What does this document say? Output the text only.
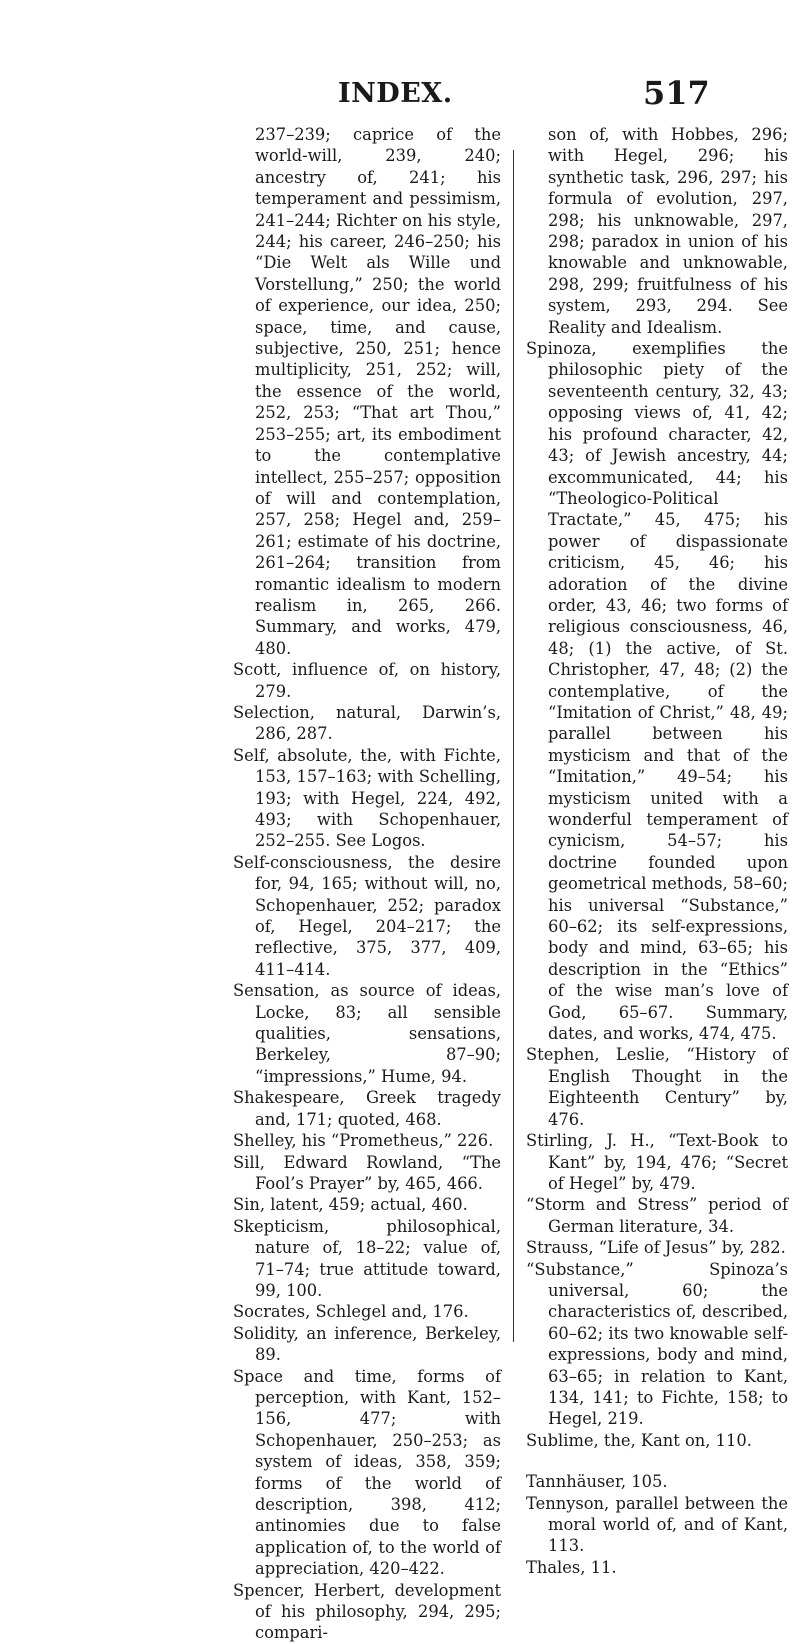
INDEX.	517

237–239; caprice of the world-will, 239, 240; ancestry of, 241; his temperament and pessimism, 241–244; Richter on his style, 244; his career, 246–250; his “Die Welt als Wille und Vorstellung,” 250; the world of experience, our idea, 250; space, time, and cause, subjective, 250, 251; hence multiplicity, 251, 252; will, the essence of the world, 252, 253; “That art Thou,” 253–255; art, its embodiment to the contemplative intellect, 255–257; opposition of will and contemplation, 257, 258; Hegel and, 259–261; estimate of his doctrine, 261–264; transition from romantic idealism to modern realism in, 265, 266. Summary, and works, 479, 480.

Scott, influence of, on history, 279.

Selection, natural, Darwin’s, 286, 287.

Self, absolute, the, with Fichte, 153, 157–163; with Schelling, 193; with Hegel, 224, 492, 493; with Schopenhauer, 252–255. See Logos.

Self-consciousness, the desire for, 94, 165; without will, no, Schopenhauer, 252; paradox of, Hegel, 204–217; the reflective, 375, 377, 409, 411–414.

Sensation, as source of ideas, Locke, 83; all sensible qualities, sensations, Berkeley, 87–90; “impressions,” Hume, 94.

Shakespeare, Greek tragedy and, 171; quoted, 468.

Shelley, his “Prometheus,” 226.

Sill, Edward Rowland, “The Fool’s Prayer” by, 465, 466.

Sin, latent, 459; actual, 460.

Skepticism, philosophical, nature of, 18–22; value of, 71–74; true attitude toward, 99, 100.

Socrates, Schlegel and, 176.

Solidity, an inference, Berkeley, 89.

Space and time, forms of perception, with Kant, 152–156, 477; with Schopenhauer, 250–253; as system of ideas, 358, 359; forms of the world of description, 398, 412; antinomies due to false application of, to the world of appreciation, 420–422.

Spencer, Herbert, development of his philosophy, 294, 295; compari-

son of, with Hobbes, 296; with Hegel, 296; his synthetic task, 296, 297; his formula of evolution, 297, 298; his unknowable, 297, 298; paradox in union of his knowable and unknowable, 298, 299; fruitfulness of his system, 293, 294. See Reality and Idealism.

Spinoza, exemplifies the philosophic piety of the seventeenth century, 32, 43; opposing views of, 41, 42; his profound character, 42, 43; of Jewish ancestry, 44; excommunicated, 44; his “Theologico-Political Tractate,” 45, 475; his power of dispassionate criticism, 45, 46; his adoration of the divine order, 43, 46; two forms of religious consciousness, 46, 48; (1) the active, of St. Christopher, 47, 48; (2) the contemplative, of the “Imitation of Christ,” 48, 49; parallel between his mysticism and that of the “Imitation,” 49–54; his mysticism united with a wonderful temperament of cynicism, 54–57; his doctrine founded upon geometrical methods, 58–60; his universal “Substance,” 60–62; its self-expressions, body and mind, 63–65; his description in the “Ethics” of the wise man’s love of God, 65–67. Summary, dates, and works, 474, 475.

Stephen, Leslie, “History of English Thought in the Eighteenth Century” by, 476.

Stirling, J. H., “Text-Book to Kant” by, 194, 476; “Secret of Hegel” by, 479.

“Storm and Stress” period of German literature, 34.

Strauss, “Life of Jesus” by, 282.

“Substance,” Spinoza’s universal, 60; the characteristics of, described, 60–62; its two knowable self-expressions, body and mind, 63–65; in relation to Kant, 134, 141; to Fichte, 158; to Hegel, 219.

Sublime, the, Kant on, 110.

Tannhäuser, 105.

Tennyson, parallel between the moral world of, and of Kant, 113.

Thales, 11.
